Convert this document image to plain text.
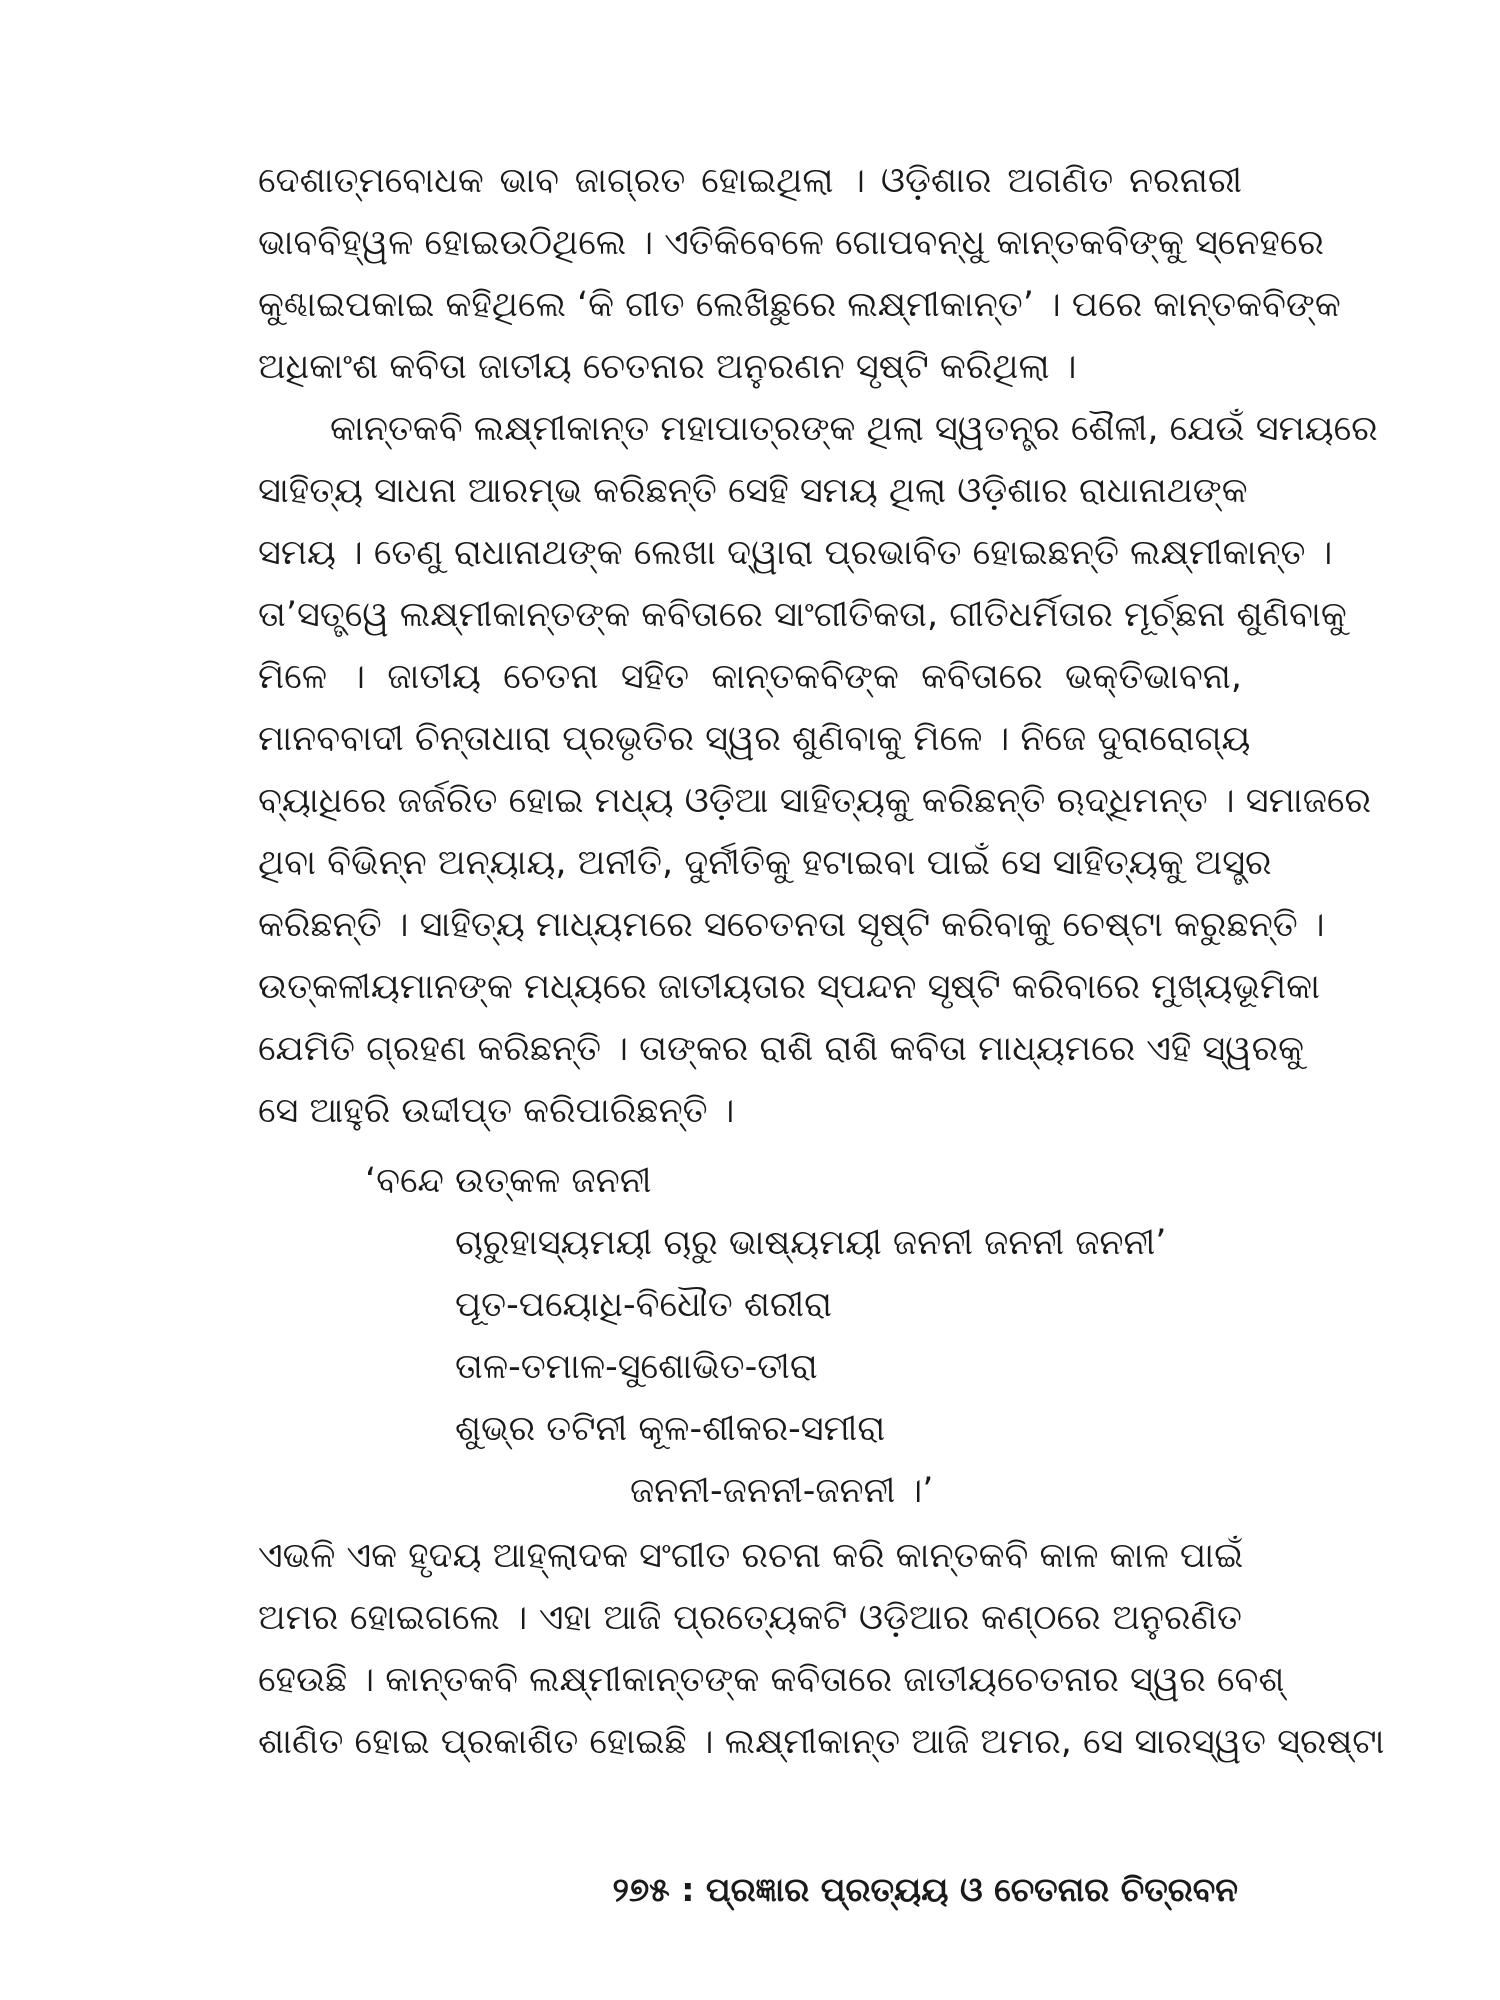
ଦେଶାତ୍ମବୋଧକ ଭାବ ଜାଗ୍ରତ ହୋଇଥିଲା । ଓଡ଼ିଶାର ଅଗଣିତ ନରନାରୀ
ଭାବବିହ୍ୱଳ ହୋଇଉଠିଥିଲେ । ଏତିକିବେଳେ ଗୋପବନ୍ଧୁ କାନ୍ତକବିଙ୍କୁ ସ୍ନେହରେ
କୁଣ୍ଢାଇପକାଇ କହିଥିଲେ ‘କି ଗୀତ ଲେଖିଛୁରେ ଲକ୍ଷ୍ମୀକାନ୍ତ’ । ପରେ କାନ୍ତକବିଙ୍କ
ଅଧିକାଂଶ କବିତା ଜାତୀୟ ଚେତନାର ଅନୁରଣନ ସୃଷ୍ଟି କରିଥିଲା ।
କାନ୍ତକବି ଲକ୍ଷ୍ମୀକାନ୍ତ ମହାପାତ୍ରଙ୍କ ଥିଲା ସ୍ୱତନ୍ତ୍ର ଶୈଳୀ, ଯେଉଁ ସମୟରେ
ସାହିତ୍ୟ ସାଧନା ଆରମ୍ଭ କରିଛନ୍ତି ସେହି ସମୟ ଥିଲା ଓଡ଼ିଶାର ରାଧାନାଥଙ୍କ
ସମୟ । ତେଣୁ ରାଧାନାଥଙ୍କ ଲେଖା ଦ୍ୱାରା ପ୍ରଭାବିତ ହୋଇଛନ୍ତି ଲକ୍ଷ୍ମୀକାନ୍ତ ।
ତା’ସତ୍ତ୍ୱେ ଲକ୍ଷ୍ମୀକାନ୍ତଙ୍କ କବିତାରେ ସାଂଗୀତିକତା, ଗୀତିଧର୍ମିତାର ମୂର୍ଚ୍ଛନା ଶୁଣିବାକୁ
ମିଳେ । ଜାତୀୟ ଚେତନା ସହିତ କାନ୍ତକବିଙ୍କ କବିତାରେ ଭକ୍ତିଭାବନା,
ମାନବବାଦୀ ଚିନ୍ତାଧାରା ପ୍ରଭୃତିର ସ୍ୱର ଶୁଣିବାକୁ ମିଳେ । ନିଜେ ଦୁରାରୋଗ୍ୟ
ବ୍ୟାଧିରେ ଜର୍ଜରିତ ହୋଇ ମଧ୍ୟ ଓଡ଼ିଆ ସାହିତ୍ୟକୁ କରିଛନ୍ତି ଋଦ୍ଧିମନ୍ତ । ସମାଜରେ
ଥିବା ବିଭିନ୍ନ ଅନ୍ୟାୟ, ଅନୀତି, ଦୁର୍ନୀତିକୁ ହଟାଇବା ପାଇଁ ସେ ସାହିତ୍ୟକୁ ଅସ୍ତ୍ର
କରିଛନ୍ତି । ସାହିତ୍ୟ ମାଧ୍ୟମରେ ସଚେତନତା ସୃଷ୍ଟି କରିବାକୁ ଚେଷ୍ଟା କରୁଛନ୍ତି ।
ଉତ୍କଳୀୟମାନଙ୍କ ମଧ୍ୟରେ ଜାତୀୟତାର ସ୍ପନ୍ଦନ ସୃଷ୍ଟି କରିବାରେ ମୁଖ୍ୟଭୂମିକା
ଯେମିତି ଗ୍ରହଣ କରିଛନ୍ତି । ତାଙ୍କର ରାଶି ରାଶି କବିତା ମାଧ୍ୟମରେ ଏହି ସ୍ୱରକୁ
ସେ ଆହୁରି ଉଦ୍ଦୀପ୍ତ କରିପାରିଛନ୍ତି ।
‘ବନ୍ଦେ ଉତ୍କଳ ଜନନୀ
ଚାରୁହାସ୍ୟମୟୀ ଚାରୁ ଭାଷ୍ୟମୟୀ ଜନନୀ ଜନନୀ ଜନନୀ’
ପୂତ-ପୟୋଧି-ବିଧୌତ ଶରୀରା
ତାଳ-ତମାଳ-ସୁଶୋଭିତ-ତୀରା
ଶୁଭ୍ର ତଟିନୀ କୂଳ-ଶୀକର-ସମୀରା
ଜନନୀ-ଜନନୀ-ଜନନୀ ।’
ଏଭଳି ଏକ ହୃଦୟ ଆହ୍ଲାଦକ ସଂଗୀତ ରଚନା କରି କାନ୍ତକବି କାଳ କାଳ ପାଇଁ
ଅମର ହୋଇଗଲେ । ଏହା ଆଜି ପ୍ରତ୍ୟେକଟି ଓଡ଼ିଆର କଣ୍ଠରେ ଅନୁରଣିତ
ହେଉଛି । କାନ୍ତକବି ଲକ୍ଷ୍ମୀକାନ୍ତଙ୍କ କବିତାରେ ଜାତୀୟଚେତନାର ସ୍ୱର ବେଶ୍
ଶାଣିତ ହୋଇ ପ୍ରକାଶିତ ହୋଇଛି । ଲକ୍ଷ୍ମୀକାନ୍ତ ଆଜି ଅମର, ସେ ସାରସ୍ୱତ ସ୍ରଷ୍ଟା
୨୭୫ : ପ୍ରଜ୍ଞାର ପ୍ରତ୍ୟୟ ଓ ଚେତନାର ଚିତ୍ରବନ
